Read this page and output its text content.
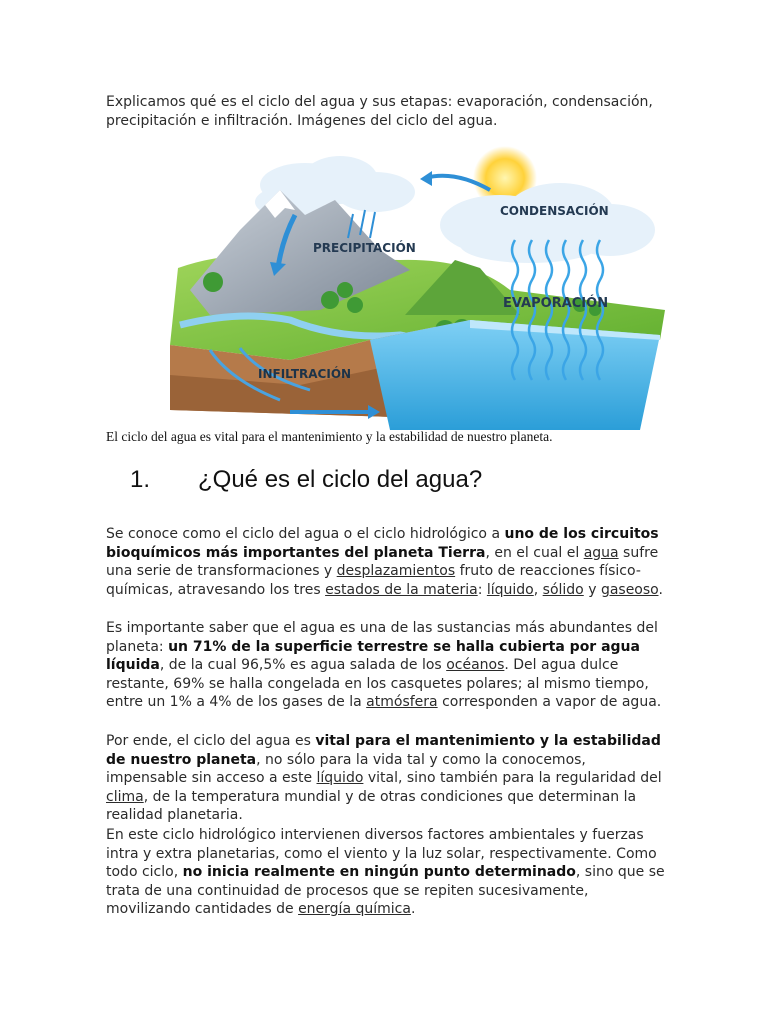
Explicamos qué es el ciclo del agua y sus etapas: evaporación, condensación, precipitación e infiltración. Imágenes del ciclo del agua.
CONDENSACIÓN
PRECIPITACIÓN
EVAPORACIÓN
INFILTRACIÓN
El ciclo del agua es vital para el mantenimiento y la estabilidad de nuestro planeta.
1. ¿Qué es el ciclo del agua?

Se conoce como el ciclo del agua o el ciclo hidrológico a uno de los circuitos bioquímicos más importantes del planeta Tierra, en el cual el agua sufre una serie de transformaciones y desplazamientos fruto de reacciones físico-químicas, atravesando los tres estados de la materia: líquido, sólido y gaseoso.

Es importante saber que el agua es una de las sustancias más abundantes del planeta: un 71% de la superficie terrestre se halla cubierta por agua líquida, de la cual 96,5% es agua salada de los océanos. Del agua dulce restante, 69% se halla congelada en los casquetes polares; al mismo tiempo, entre un 1% a 4% de los gases de la atmósfera corresponden a vapor de agua.

Por ende, el ciclo del agua es vital para el mantenimiento y la estabilidad de nuestro planeta, no sólo para la vida tal y como la conocemos, impensable sin acceso a este líquido vital, sino también para la regularidad del clima, de la temperatura mundial y de otras condiciones que determinan la realidad planetaria.

En este ciclo hidrológico intervienen diversos factores ambientales y fuerzas intra y extra planetarias, como el viento y la luz solar, respectivamente. Como todo ciclo, no inicia realmente en ningún punto determinado, sino que se trata de una continuidad de procesos que se repiten sucesivamente, movilizando cantidades de energía química.
